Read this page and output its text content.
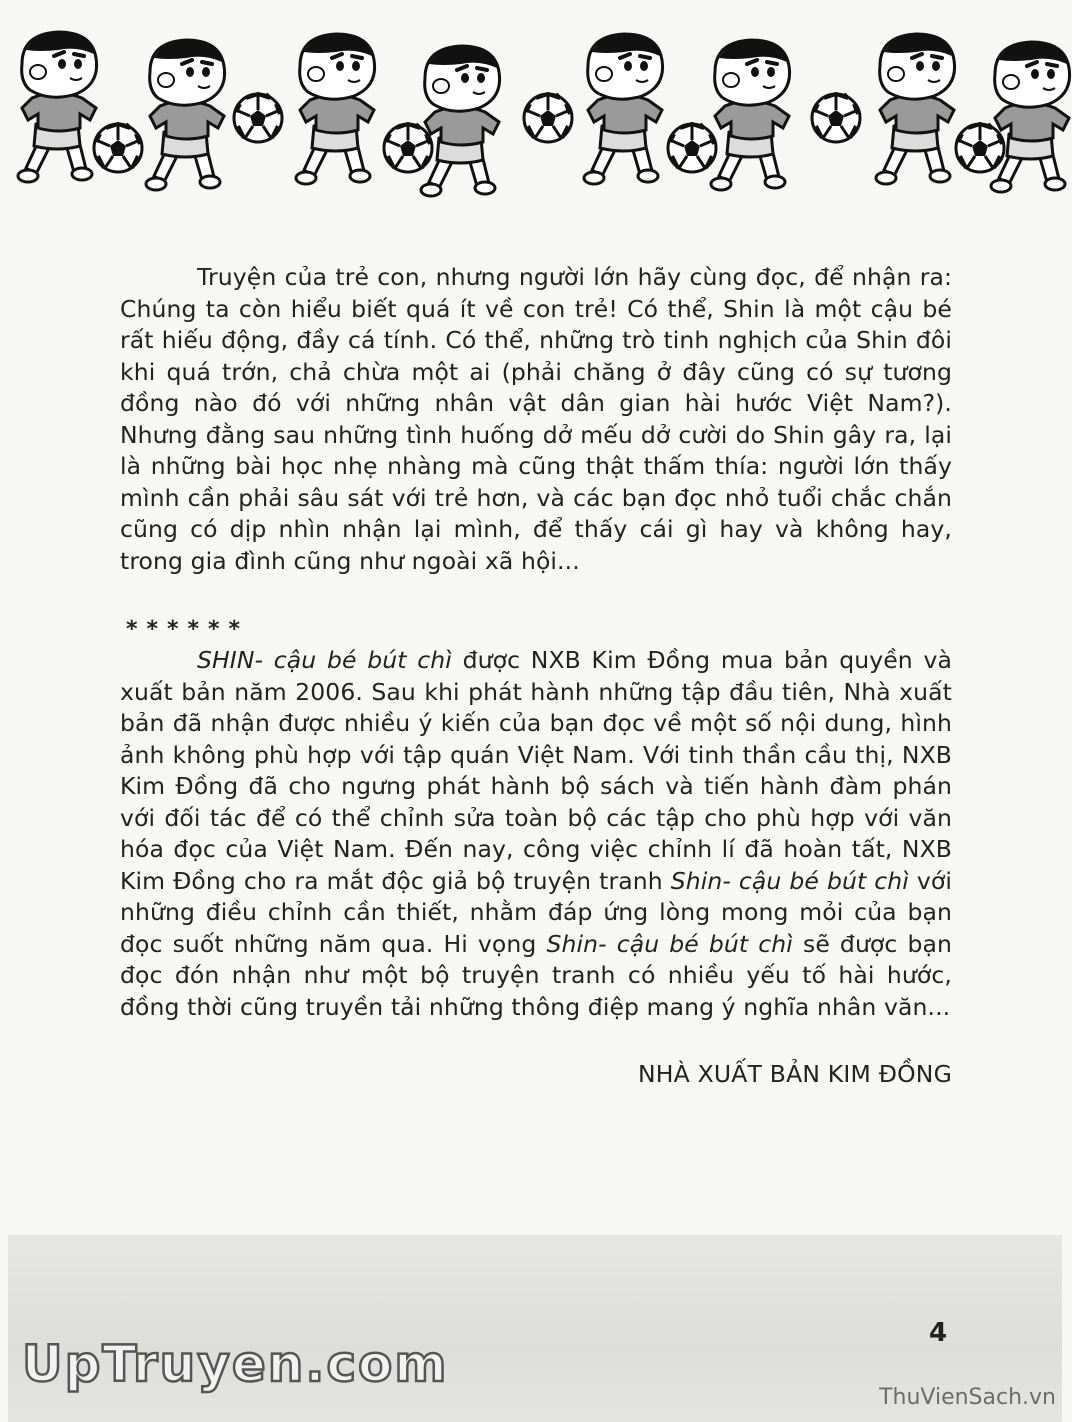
Truyện của trẻ con, nhưng người lớn hãy cùng đọc, để nhận ra: Chúng ta còn hiểu biết quá ít về con trẻ! Có thể, Shin là một cậu bé rất hiếu động, đầy cá tính. Có thể, những trò tinh nghịch của Shin đôi khi quá trớn, chả chừa một ai (phải chăng ở đây cũng có sự tương đồng nào đó với những nhân vật dân gian hài hước Việt Nam?). Nhưng đằng sau những tình huống dở mếu dở cười do Shin gây ra, lại là những bài học nhẹ nhàng mà cũng thật thấm thía: người lớn thấy mình cần phải sâu sát với trẻ hơn, và các bạn đọc nhỏ tuổi chắc chắn cũng có dịp nhìn nhận lại mình, để thấy cái gì hay và không hay, trong gia đình cũng như ngoài xã hội...

******

SHIN- cậu bé bút chì được NXB Kim Đồng mua bản quyền và xuất bản năm 2006. Sau khi phát hành những tập đầu tiên, Nhà xuất bản đã nhận được nhiều ý kiến của bạn đọc về một số nội dung, hình ảnh không phù hợp với tập quán Việt Nam. Với tinh thần cầu thị, NXB Kim Đồng đã cho ngưng phát hành bộ sách và tiến hành đàm phán với đối tác để có thể chỉnh sửa toàn bộ các tập cho phù hợp với văn hóa đọc của Việt Nam. Đến nay, công việc chỉnh lí đã hoàn tất, NXB Kim Đồng cho ra mắt độc giả bộ truyện tranh Shin- cậu bé bút chì với những điều chỉnh cần thiết, nhằm đáp ứng lòng mong mỏi của bạn đọc suốt những năm qua. Hi vọng Shin- cậu bé bút chì sẽ được bạn đọc đón nhận như một bộ truyện tranh có nhiều yếu tố hài hước, đồng thời cũng truyền tải những thông điệp mang ý nghĩa nhân văn...

NHÀ XUẤT BẢN KIM ĐỒNG
4
UpTruyen.com
ThuVienSach.vn
